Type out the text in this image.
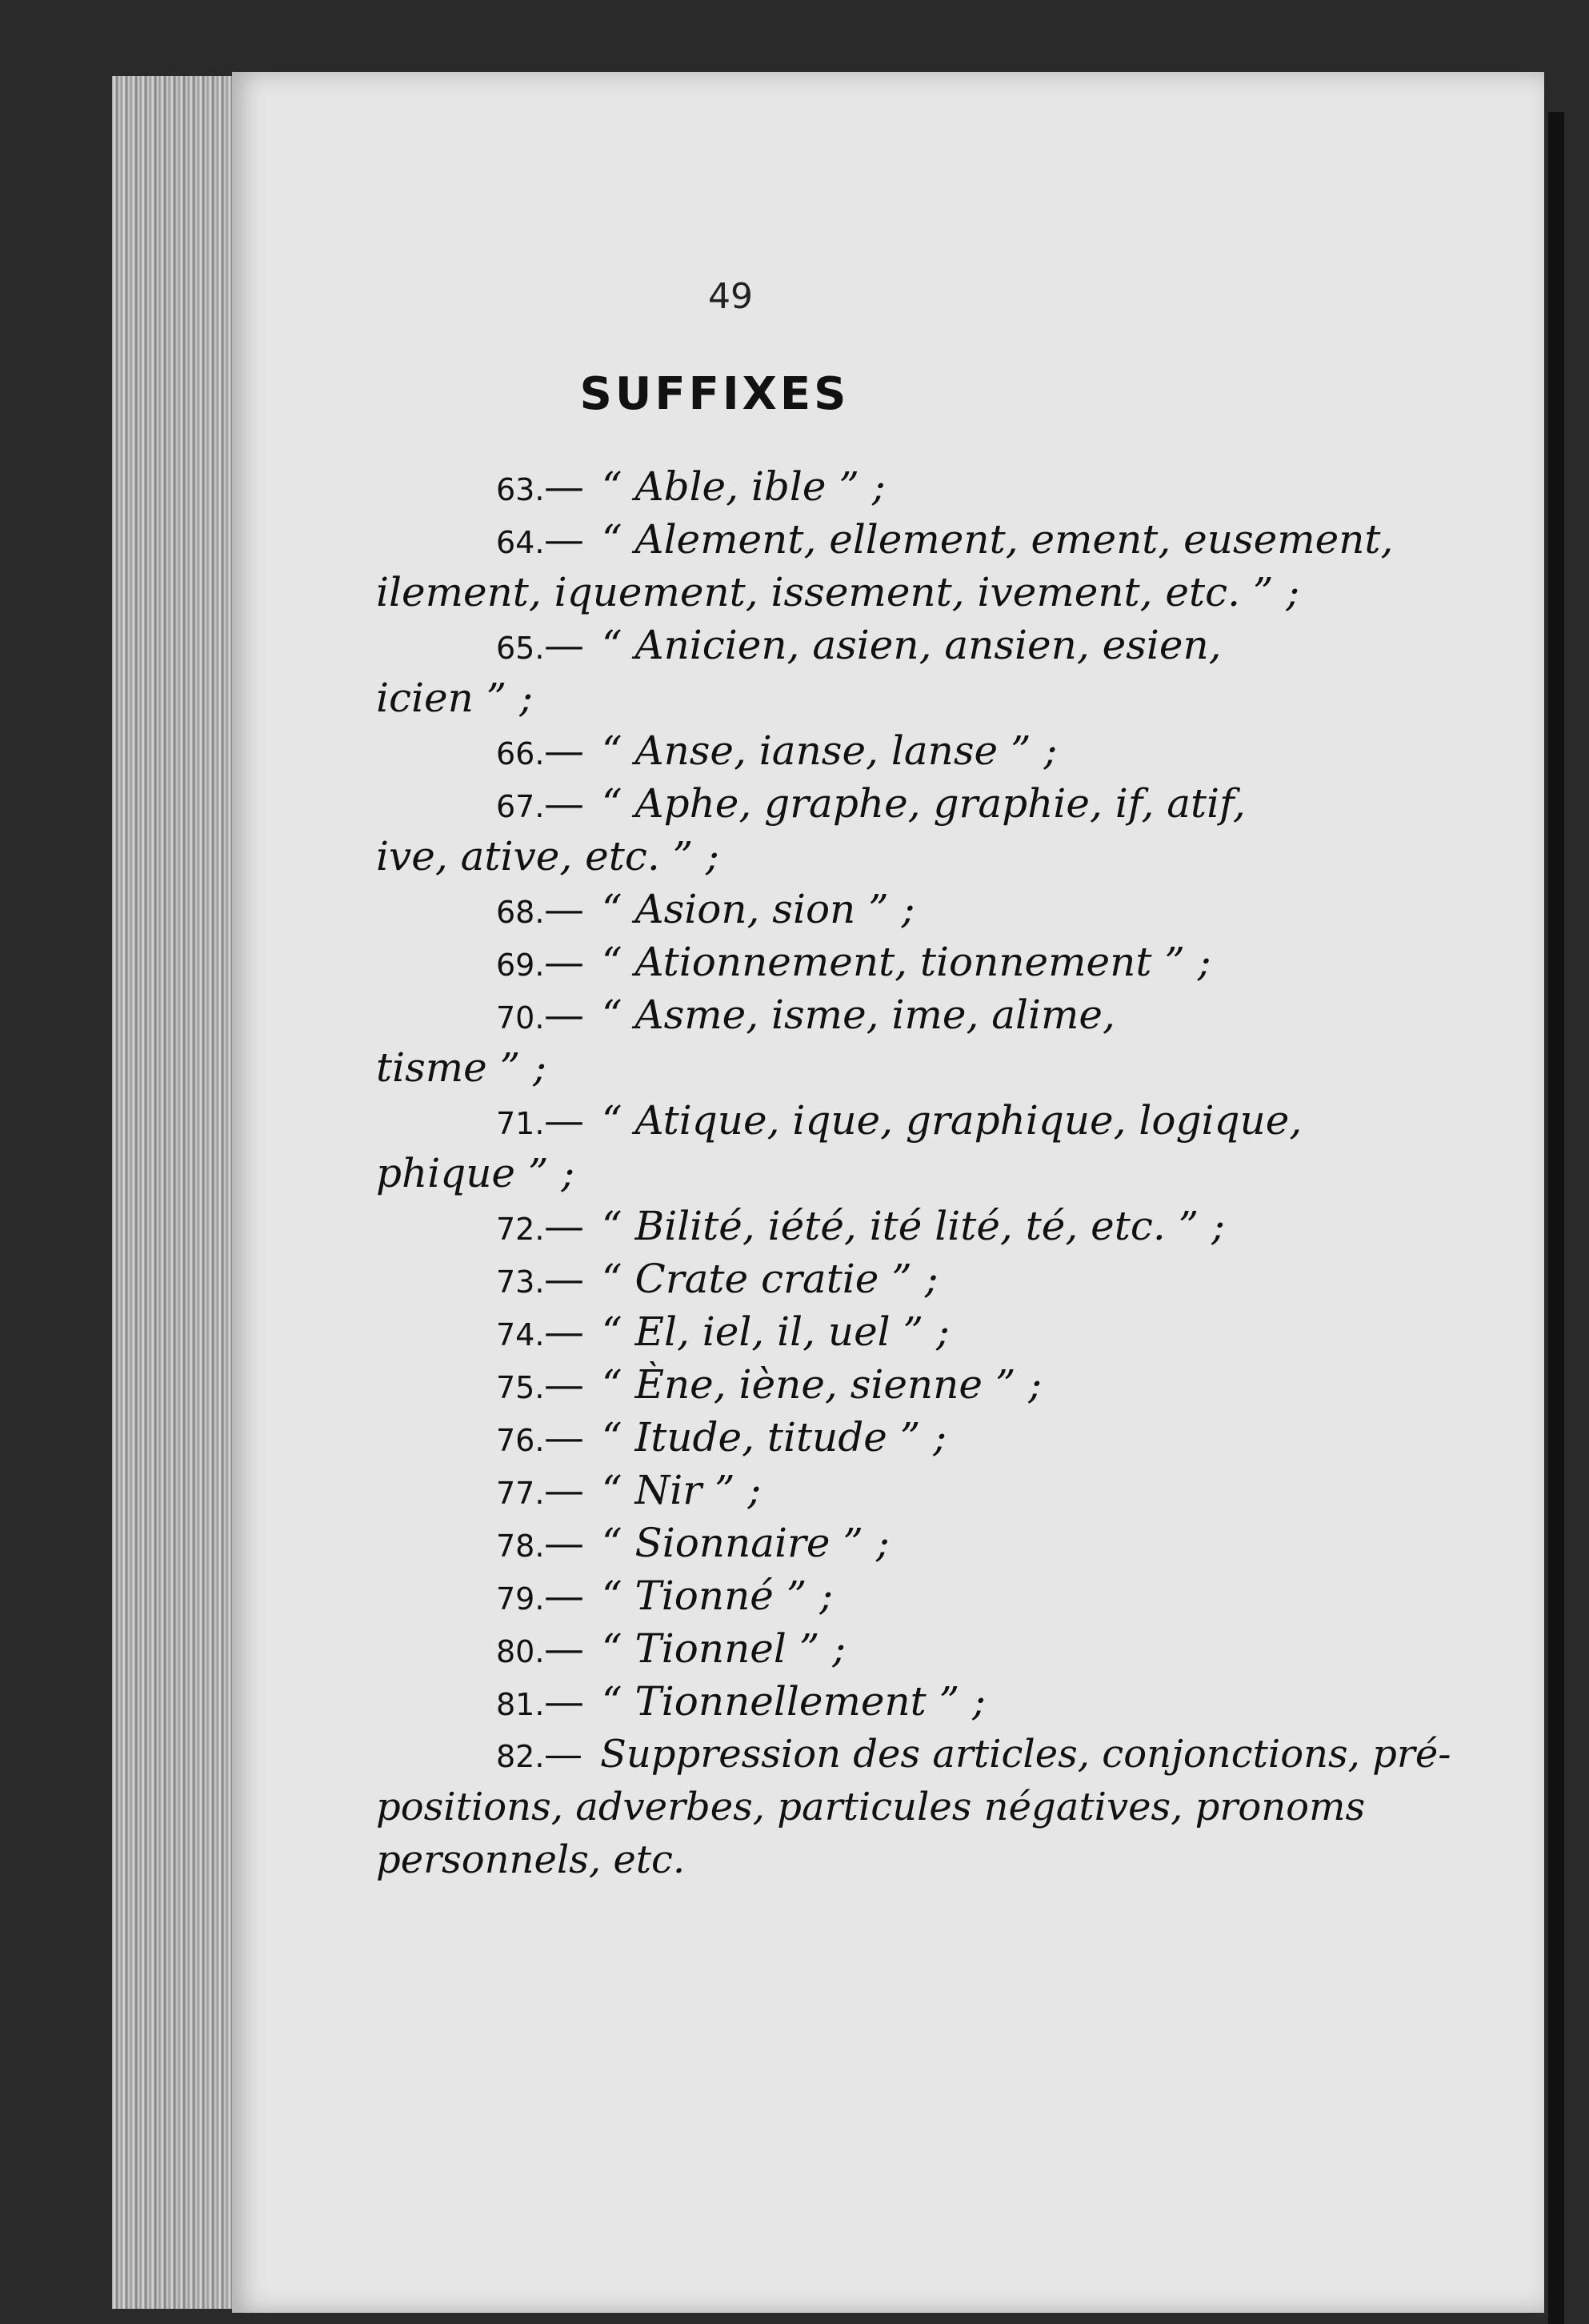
49
SUFFIXES
63.— “ Able, ible ” ;
64.— “ Alement, ellement, ement, eusement,
ilement, iquement, issement, ivement, etc. ” ;
65.— “ Anicien, asien, ansien, esien,
icien ” ;
66.— “ Anse, ianse, lanse ” ;
67.— “ Aphe, graphe, graphie, if, atif,
ive, ative, etc. ” ;
68.— “ Asion, sion ” ;
69.— “ Ationnement, tionnement ” ;
70.— “ Asme, isme, ime, alime,
tisme ” ;
71.— “ Atique, ique, graphique, logique,
phique ” ;
72.— “ Bilité, iété, ité lité, té, etc. ” ;
73.— “ Crate cratie ” ;
74.— “ El, iel, il, uel ” ;
75.— “ Ène, iène, sienne ” ;
76.— “ Itude, titude ” ;
77.— “ Nir ” ;
78.— “ Sionnaire ” ;
79.— “ Tionné ” ;
80.— “ Tionnel ” ;
81.— “ Tionnellement ” ;
82.— Suppression des articles, conjonctions, pré-
positions, adverbes, particules négatives, pronoms
personnels, etc.
